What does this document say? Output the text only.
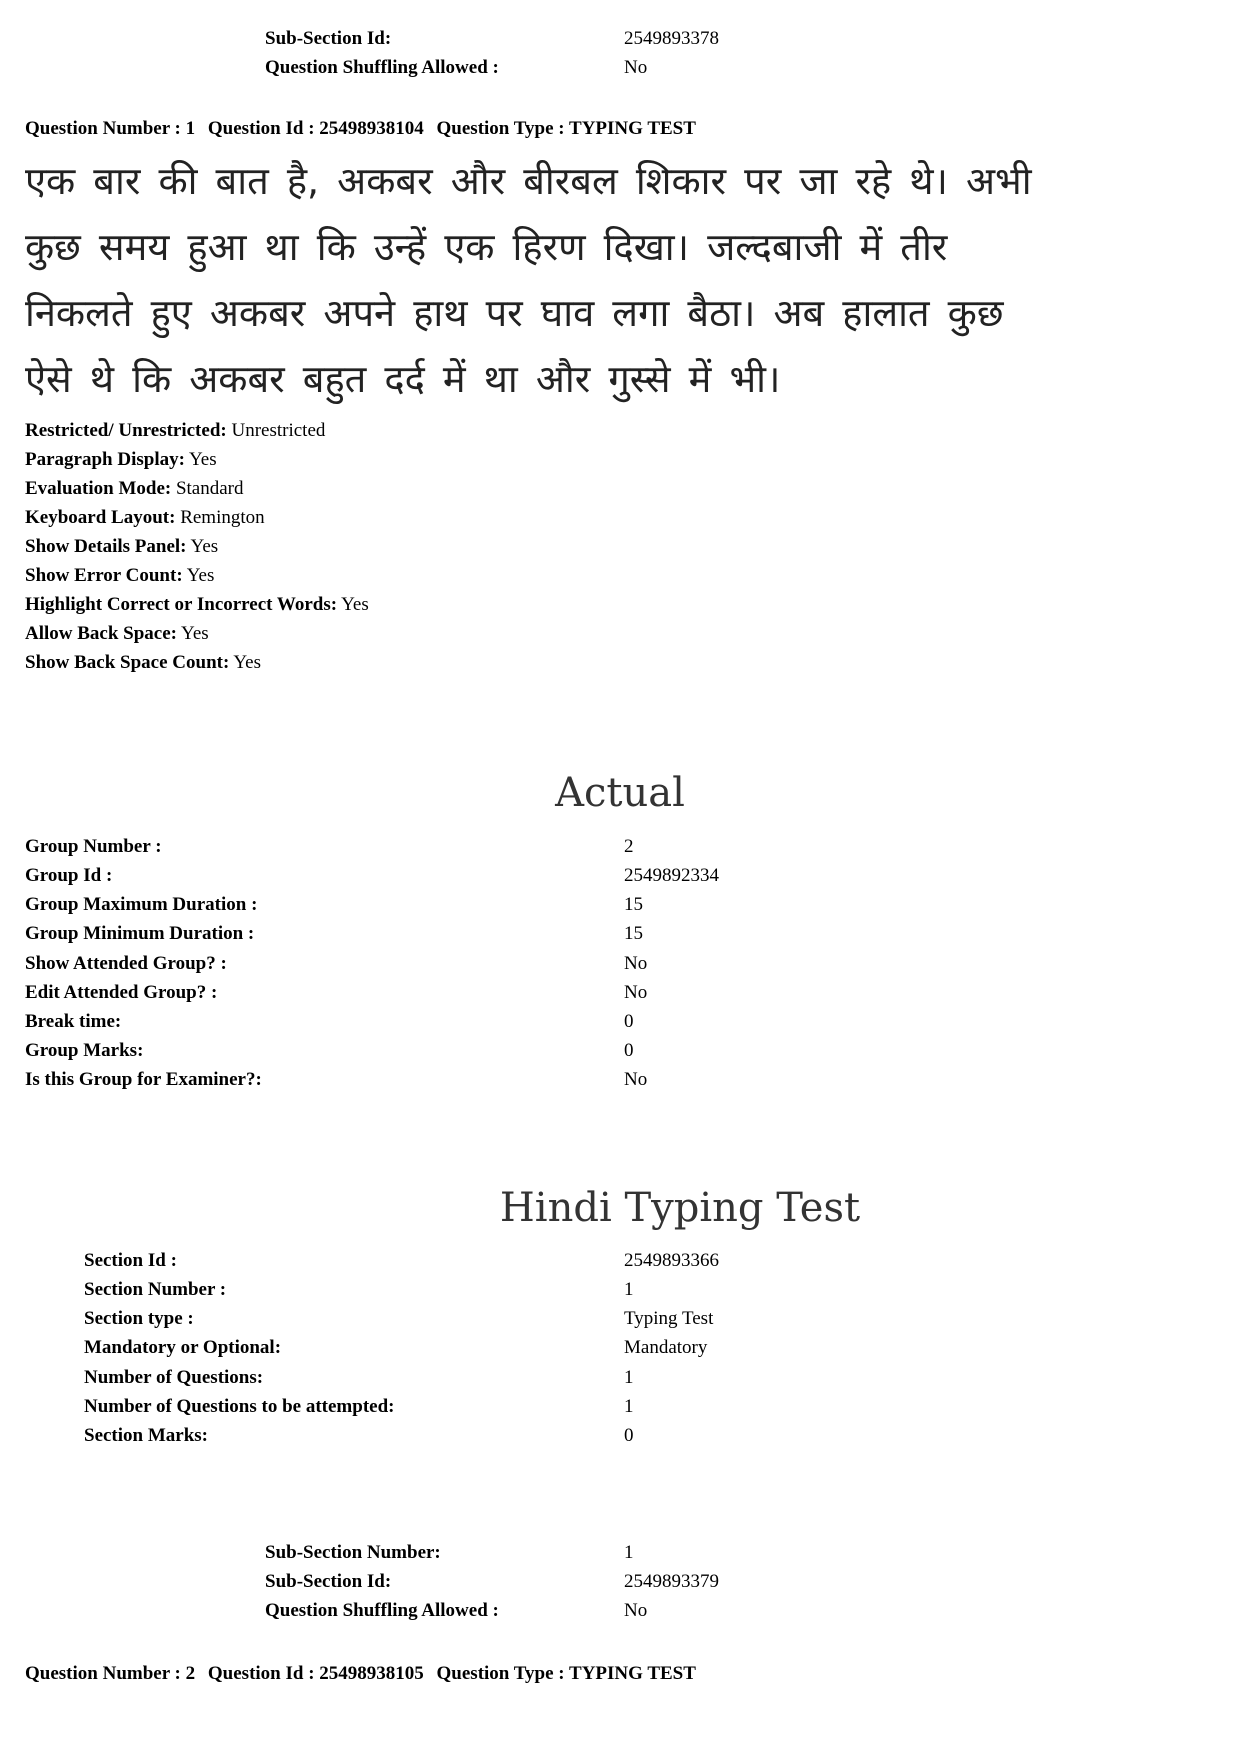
Sub-Section Id:	2549893378
Question Shuffling Allowed :	No
Question Number : 1 Question Id : 25498938104 Question Type : TYPING TEST
एक बार की बात है, अकबर और बीरबल शिकार पर जा रहे थे। अभी
कुछ समय हुआ था कि उन्हें एक हिरण दिखा। जल्दबाजी में तीर
निकलते हुए अकबर अपने हाथ पर घाव लगा बैठा। अब हालात कुछ
ऐसे थे कि अकबर बहुत दर्द में था और गुस्से में भी।
Restricted/ Unrestricted: Unrestricted
Paragraph Display: Yes
Evaluation Mode: Standard
Keyboard Layout: Remington
Show Details Panel: Yes
Show Error Count: Yes
Highlight Correct or Incorrect Words: Yes
Allow Back Space: Yes
Show Back Space Count: Yes
Actual
Group Number :
Group Id :
Group Maximum Duration :
Group Minimum Duration :
Show Attended Group? :
Edit Attended Group? :
Break time:
Group Marks:
Is this Group for Examiner?:
2
2549892334
15
15
No
No
0
0
No
Hindi Typing Test
Section Id :
Section Number :
Section type :
Mandatory or Optional:
Number of Questions:
Number of Questions to be attempted:
Section Marks:
2549893366
1
Typing Test
Mandatory
1
1
0
Sub-Section Number:
Sub-Section Id:
Question Shuffling Allowed :
1
2549893379
No
Question Number : 2 Question Id : 25498938105 Question Type : TYPING TEST
